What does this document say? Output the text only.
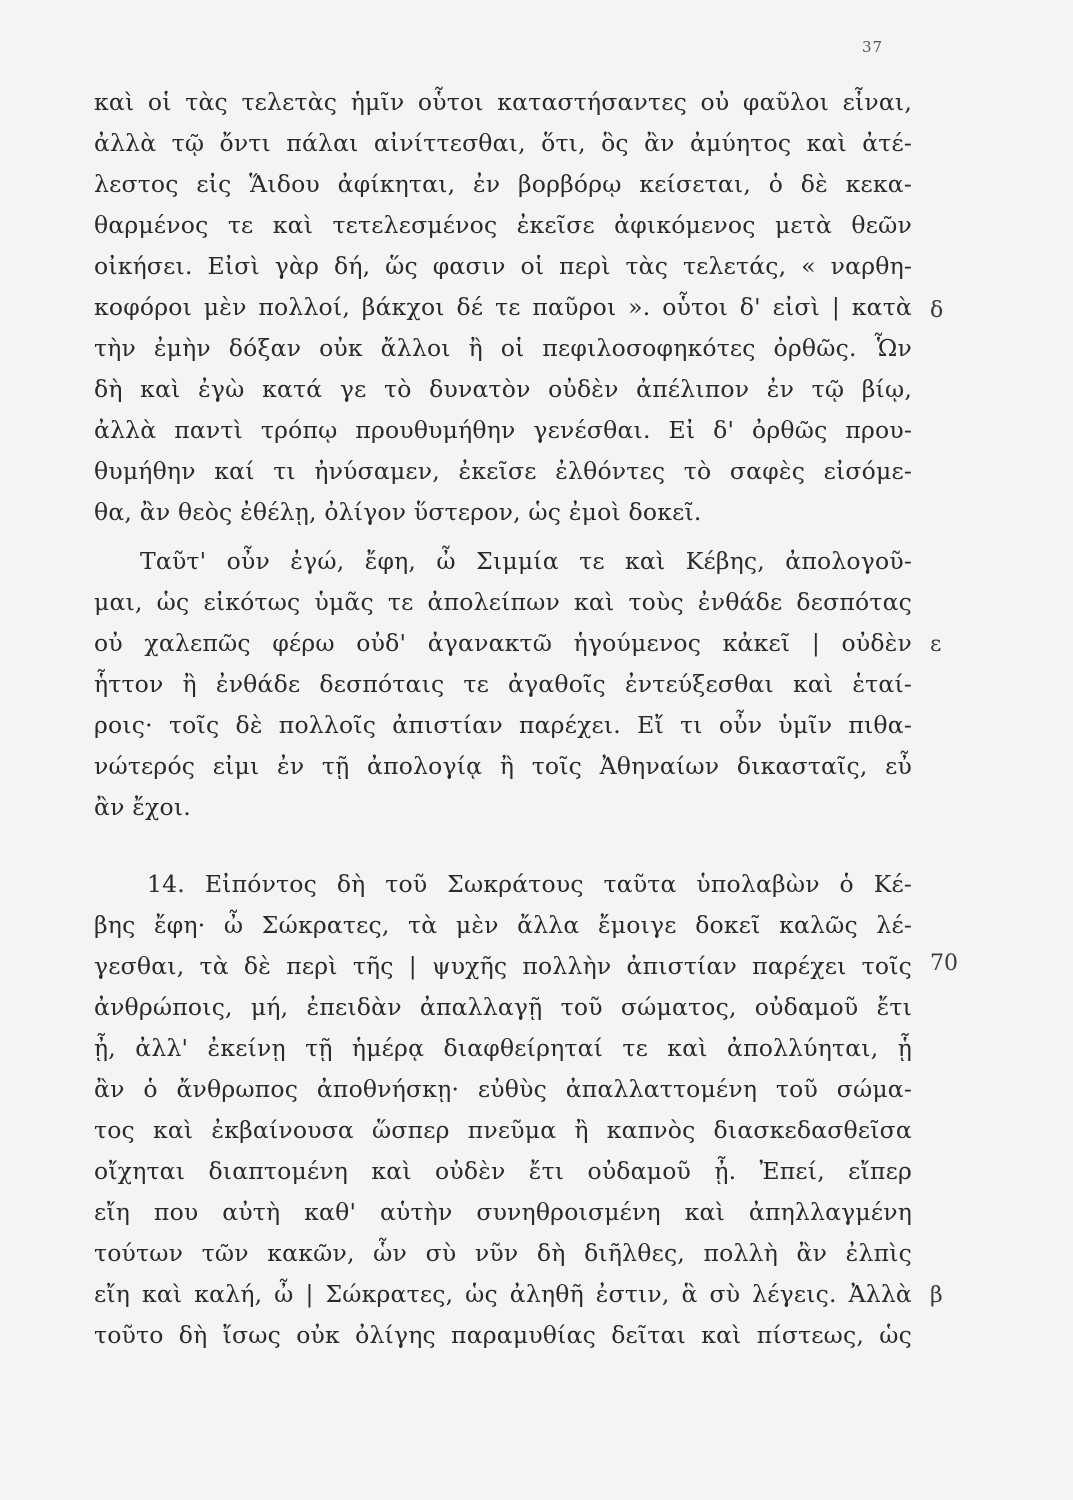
37
καὶ οἱ τὰς τελετὰς ἡμῖν οὗτοι καταστήσαντες οὐ φαῦλοι εἶναι,
ἀλλὰ τῷ ὄντι πάλαι αἰνίττεσθαι, ὅτι, ὃς ἂν ἀμύητος καὶ ἀτέ-
λεστος εἰς Ἅιδου ἀφίκηται, ἐν βορβόρῳ κείσεται, ὁ δὲ κεκα-
θαρμένος τε καὶ τετελεσμένος ἐκεῖσε ἀφικόμενος μετὰ θεῶν
οἰκήσει. Εἰσὶ γὰρ δή, ὥς φασιν οἱ περὶ τὰς τελετάς, « ναρθη-
κοφόροι μὲν πολλοί, βάκχοι δέ τε παῦροι ». οὗτοι δ' εἰσὶ | κατὰ δ
τὴν ἐμὴν δόξαν οὐκ ἄλλοι ἢ οἱ πεφιλοσοφηκότες ὀρθῶς. Ὧν
δὴ καὶ ἐγὼ κατά γε τὸ δυνατὸν οὐδὲν ἀπέλιπον ἐν τῷ βίῳ,
ἀλλὰ παντὶ τρόπῳ προυθυμήθην γενέσθαι. Εἰ δ' ὀρθῶς πρου-
θυμήθην καί τι ἠνύσαμεν, ἐκεῖσε ἐλθόντες τὸ σαφὲς εἰσόμε-
θα, ἂν θεὸς ἐθέλῃ, ὀλίγον ὕστερον, ὡς ἐμοὶ δοκεῖ.
Ταῦτ' οὖν ἐγώ, ἔφη, ὦ Σιμμία τε καὶ Κέβης, ἀπολογοῦ-
μαι, ὡς εἰκότως ὑμᾶς τε ἀπολείπων καὶ τοὺς ἐνθάδε δεσπότας
οὐ χαλεπῶς φέρω οὐδ' ἀγανακτῶ ἡγούμενος κἀκεῖ | οὐδὲν ε
ἧττον ἢ ἐνθάδε δεσπόταις τε ἀγαθοῖς ἐντεύξεσθαι καὶ ἑταί-
ροις· τοῖς δὲ πολλοῖς ἀπιστίαν παρέχει. Εἴ τι οὖν ὑμῖν πιθα-
νώτερός εἰμι ἐν τῇ ἀπολογίᾳ ἢ τοῖς Ἀθηναίων δικασταῖς, εὖ
ἂν ἔχοι.
14. Εἰπόντος δὴ τοῦ Σωκράτους ταῦτα ὑπολαβὼν ὁ Κέ-
βης ἔφη· ὦ Σώκρατες, τὰ μὲν ἄλλα ἔμοιγε δοκεῖ καλῶς λέ-
γεσθαι, τὰ δὲ περὶ τῆς | ψυχῆς πολλὴν ἀπιστίαν παρέχει τοῖς 70
ἀνθρώποις, μή, ἐπειδὰν ἀπαλλαγῇ τοῦ σώματος, οὐδαμοῦ ἔτι
ᾖ, ἀλλ' ἐκείνῃ τῇ ἡμέρᾳ διαφθείρηταί τε καὶ ἀπολλύηται, ᾗ
ἂν ὁ ἄνθρωπος ἀποθνήσκῃ· εὐθὺς ἀπαλλαττομένη τοῦ σώμα-
τος καὶ ἐκβαίνουσα ὥσπερ πνεῦμα ἢ καπνὸς διασκεδασθεῖσα
οἴχηται διαπτομένη καὶ οὐδὲν ἔτι οὐδαμοῦ ᾖ. Ἐπεί, εἴπερ
εἴη που αὐτὴ καθ' αὑτὴν συνηθροισμένη καὶ ἀπηλλαγμένη
τούτων τῶν κακῶν, ὧν σὺ νῦν δὴ διῆλθες, πολλὴ ἂν ἐλπὶς
εἴη καὶ καλή, ὦ | Σώκρατες, ὡς ἀληθῆ ἐστιν, ἃ σὺ λέγεις. Ἀλλὰ β
τοῦτο δὴ ἴσως οὐκ ὀλίγης παραμυθίας δεῖται καὶ πίστεως, ὡς
